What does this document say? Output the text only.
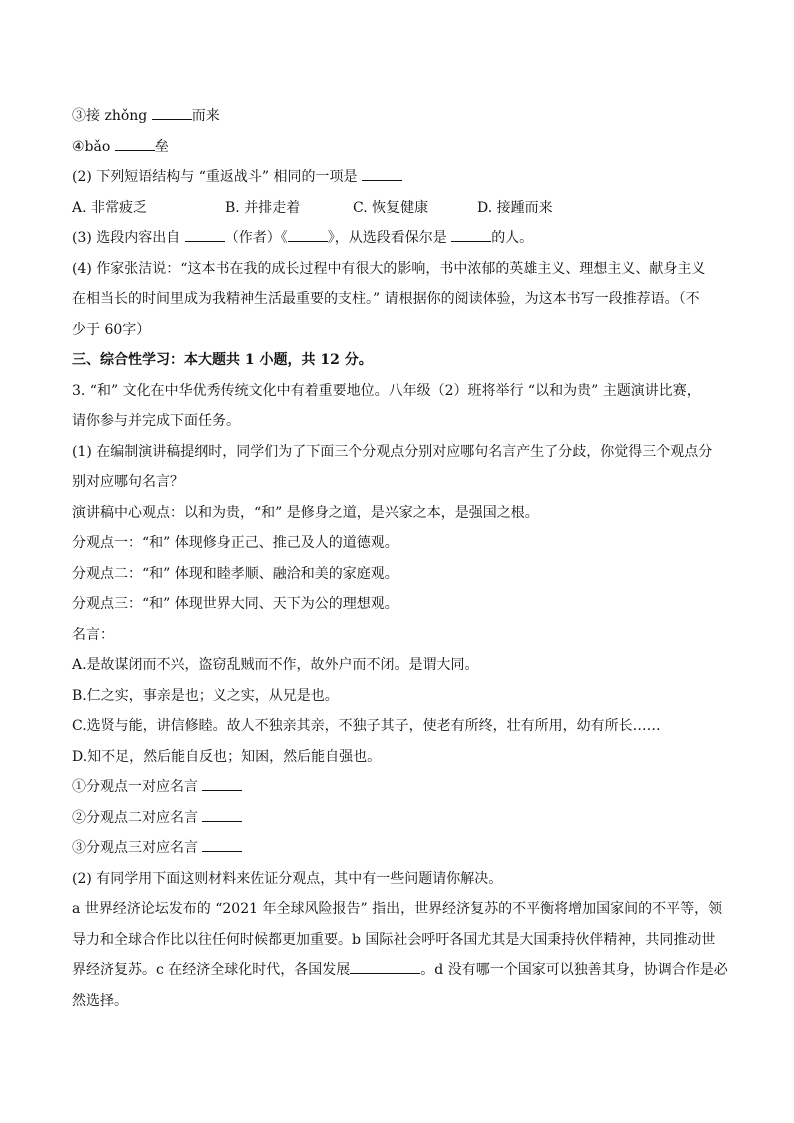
③接 zhǒng	而来
④bǎo	垒
(2) 下列短语结构与 “重返战斗” 相同的一项是
A. 非常疲乏	B. 并排走着	C. 恢复健康	D. 接踵而来
(3) 选段内容出自	（作者）《	》，从选段看保尔是	的人。
(4) 作家张洁说：“这本书在我的成长过程中有很大的影响，书中浓郁的英雄主义、理想主义、献身主义
在相当长的时间里成为我精神生活最重要的支柱。” 请根据你的阅读体验，为这本书写一段推荐语。（不
少于 60字）
三、综合性学习：本大题共 1 小题，共 12 分。
3. “和” 文化在中华优秀传统文化中有着重要地位。八年级（2）班将举行 “以和为贵” 主题演讲比赛，
请你参与并完成下面任务。
(1) 在编制演讲稿提纲时，同学们为了下面三个分观点分别对应哪句名言产生了分歧，你觉得三个观点分
别对应哪句名言？
演讲稿中心观点：以和为贵，“和” 是修身之道，是兴家之本，是强国之根。
分观点一：“和” 体现修身正己、推己及人的道德观。
分观点二：“和” 体现和睦孝顺、融洽和美的家庭观。
分观点三：“和” 体现世界大同、天下为公的理想观。
名言：
A.是故谋闭而不兴，盗窃乱贼而不作，故外户而不闭。是谓大同。
B.仁之实，事亲是也；义之实，从兄是也。
C.选贤与能，讲信修睦。故人不独亲其亲，不独子其子，使老有所终，壮有所用，幼有所长……
D.知不足，然后能自反也；知困，然后能自强也。
①分观点一对应名言
②分观点二对应名言
③分观点三对应名言
(2) 有同学用下面这则材料来佐证分观点，其中有一些问题请你解决。
a 世界经济论坛发布的 “2021 年全球风险报告” 指出，世界经济复苏的不平衡将增加国家间的不平等，领
导力和全球合作比以往任何时候都更加重要。b 国际社会呼吁各国尤其是大国秉持伙伴精神，共同推动世
界经济复苏。c 在经济全球化时代，各国发展	。d 没有哪一个国家可以独善其身，协调合作是必
然选择。
